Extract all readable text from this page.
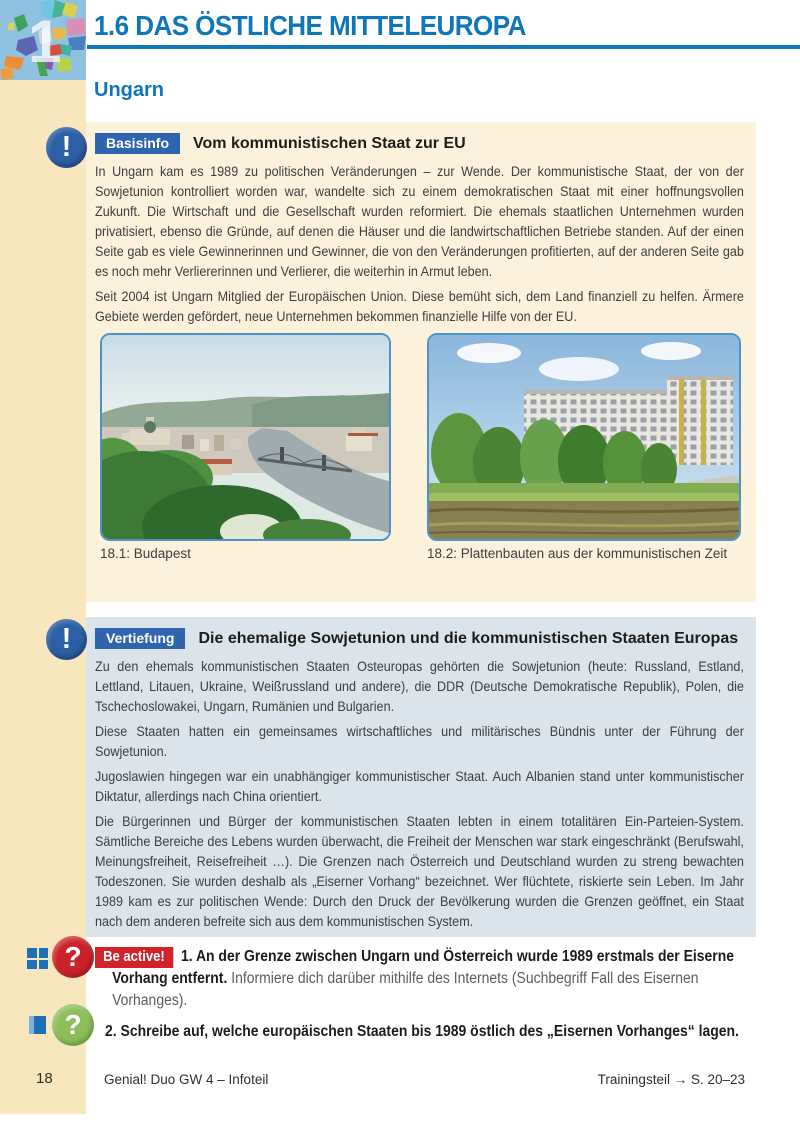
1 1.6 DAS ÖSTLICHE MITTELEUROPA
Ungarn
Basisinfo	Vom kommunistischen Staat zur EU
In Ungarn kam es 1989 zu politischen Veränderungen – zur Wende. Der kommunistische Staat, der von der Sowjetunion kontrolliert worden war, wandelte sich zu einem demokratischen Staat mit einer hoffnungsvollen Zukunft. Die Wirtschaft und die Gesellschaft wurden reformiert. Die ehemals staatlichen Unternehmen wurden privatisiert, ebenso die Gründe, auf denen die Häuser und die landwirtschaftlichen Betriebe standen. Auf der einen Seite gab es viele Gewinnerinnen und Gewinner, die von den Veränderungen profitierten, auf der anderen Seite gab es noch mehr Verliererinnen und Verlierer, die weiterhin in Armut leben.
Seit 2004 ist Ungarn Mitglied der Europäischen Union. Diese bemüht sich, dem Land finanziell zu helfen. Ärmere Gebiete werden gefördert, neue Unternehmen bekommen finanzielle Hilfe von der EU.
18.1: Budapest	18.2: Plattenbauten aus der kommunistischen Zeit
Vertiefung	Die ehemalige Sowjetunion und die kommunistischen Staaten Europas
Zu den ehemals kommunistischen Staaten Osteuropas gehörten die Sowjetunion (heute: Russland, Estland, Lettland, Litauen, Ukraine, Weißrussland und andere), die DDR (Deutsche Demokratische Republik), Polen, die Tschechoslowakei, Ungarn, Rumänien und Bulgarien.
Diese Staaten hatten ein gemeinsames wirtschaftliches und militärisches Bündnis unter der Führung der Sowjetunion.
Jugoslawien hingegen war ein unabhängiger kommunistischer Staat. Auch Albanien stand unter kommunistischer Diktatur, allerdings nach China orientiert.
Die Bürgerinnen und Bürger der kommunistischen Staaten lebten in einem totalitären Ein-Parteien-System. Sämtliche Bereiche des Lebens wurden überwacht, die Freiheit der Menschen war stark eingeschränkt (Berufswahl, Meinungsfreiheit, Reisefreiheit …). Die Grenzen nach Österreich und Deutschland wurden zu streng bewachten Todeszonen. Sie wurden deshalb als „Eiserner Vorhang“ bezeichnet. Wer flüchtete, riskierte sein Leben. Im Jahr 1989 kam es zur politischen Wende: Durch den Druck der Bevölkerung wurden die Grenzen geöffnet, ein Staat nach dem anderen befreite sich aus dem kommunistischen System.
!
!
?
?
Be active! 1. An der Grenze zwischen Ungarn und Österreich wurde 1989 erstmals der Eiserne Vorhang entfernt. Informiere dich darüber mithilfe des Internets (Suchbegriff Fall des Eisernen Vorhanges).
2. Schreibe auf, welche europäischen Staaten bis 1989 östlich des „Eisernen Vorhanges“ lagen.
18	Genial! Duo GW 4 – Infoteil	Trainingsteil → S. 20–23
